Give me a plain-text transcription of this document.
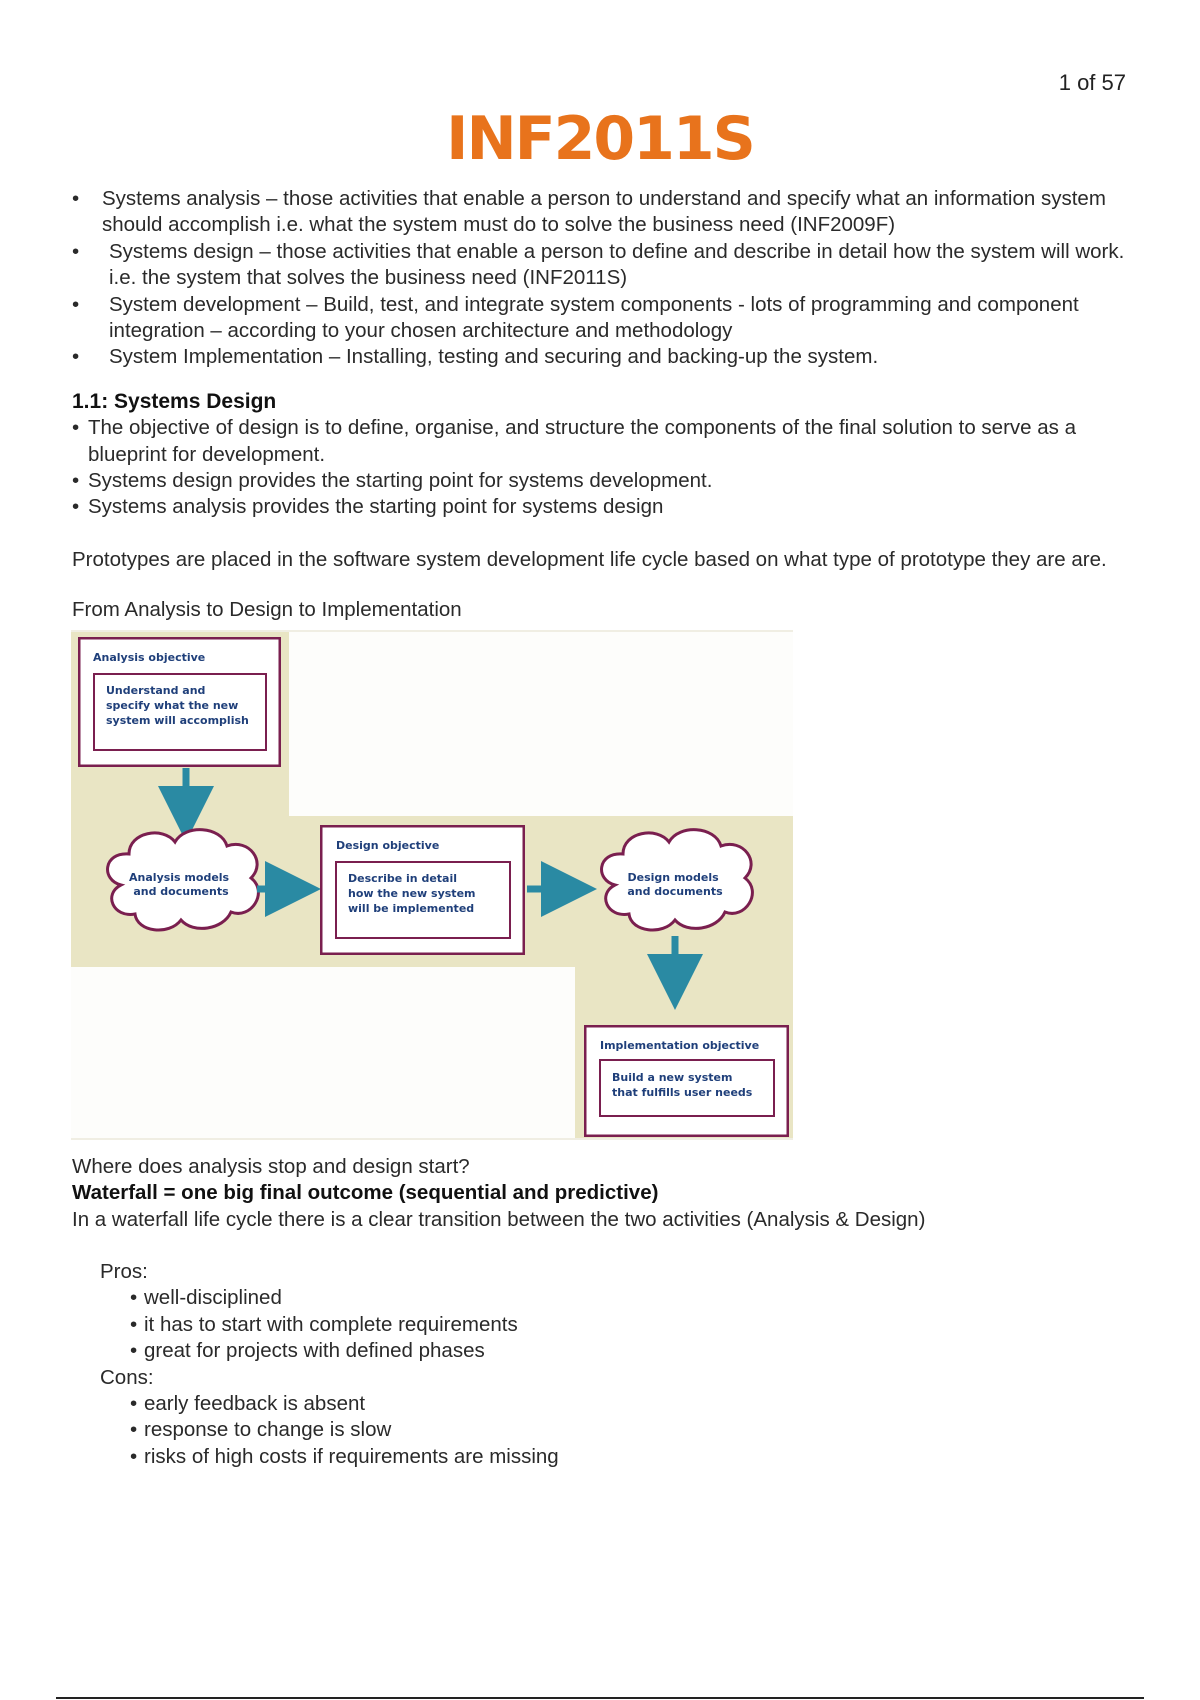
1 of 57
INF2011S
• Systems analysis – those activities that enable a person to understand and specify what an information system should accomplish i.e. what the system must do to solve the business need (INF2009F)
• Systems design – those activities that enable a person to define and describe in detail how the system will work. i.e. the system that solves the business need (INF2011S)
• System development – Build, test, and integrate system components - lots of programming and component integration – according to your chosen architecture and methodology
• System Implementation – Installing, testing and securing and backing-up the system.
1.1: Systems Design
• The objective of design is to define, organise, and structure the components of the final solution to serve as a blueprint for development.
• Systems design provides the starting point for systems development.
• Systems analysis provides the starting point for systems design

Prototypes are placed in the software system development life cycle based on what type of prototype they are are.

From Analysis to Design to Implementation

Analysis objective
Understand and specify what the new system will accomplish
Analysis models and documents
Design objective
Describe in detail how the new system will be implemented
Design models and documents
Implementation objective
Build a new system that fulfills user needs

Where does analysis stop and design start?

Waterfall = one big final outcome (sequential and predictive)

In a waterfall life cycle there is a clear transition between the two activities (Analysis & Design)

Pros:

• well-disciplined
• it has to start with complete requirements
• great for projects with defined phases

Cons:

• early feedback is absent
• response to change is slow
• risks of high costs if requirements are missing
